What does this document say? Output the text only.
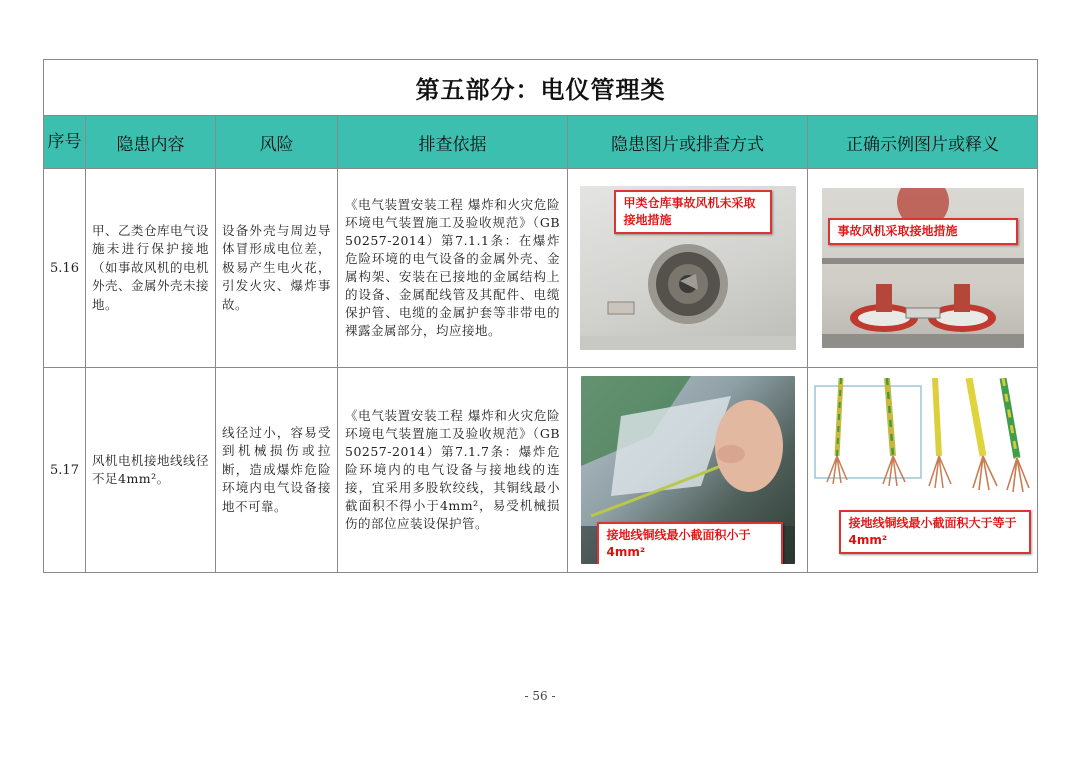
第五部分：电仪管理类					
序号	隐患内容	风险	排查依据	隐患图片或排查方式	正确示例图片或释义
5.16	甲、乙类仓库电气设施未进行保护接地（如事故风机的电机外壳、金属外壳未接地。	设备外壳与周边导体冒形成电位差，极易产生电火花，引发火灾、爆炸事故。	《电气装置安装工程 爆炸和火灾危险环境电气装置施工及验收规范》（GB 50257-2014）第7.1.1条：在爆炸危险环境的电气设备的金属外壳、金属构架、安装在已接地的金属结构上的设备、金属配线管及其配件、电缆保护管、电缆的金属护套等非带电的裸露金属部分，均应接地。	甲类仓库事故风机未采取接地措施	事故风机采取接地措施

5.17	风机电机接地线线径不足4mm²。	线径过小，容易受到机械损伤或拉断，造成爆炸危险环境内电气设备接地不可靠。	《电气装置安装工程 爆炸和火灾危险环境电气装置施工及验收规范》（GB 50257-2014）第7.1.7条：爆炸危险环境内的电气设备与接地线的连接，宜采用多股软绞线，其铜线最小截面积不得小于4mm²，易受机械损伤的部位应装设保护管。	接地线铜线最小截面积小于4mm²	接地线铜线最小截面积大于等于4mm²
- 56 -
